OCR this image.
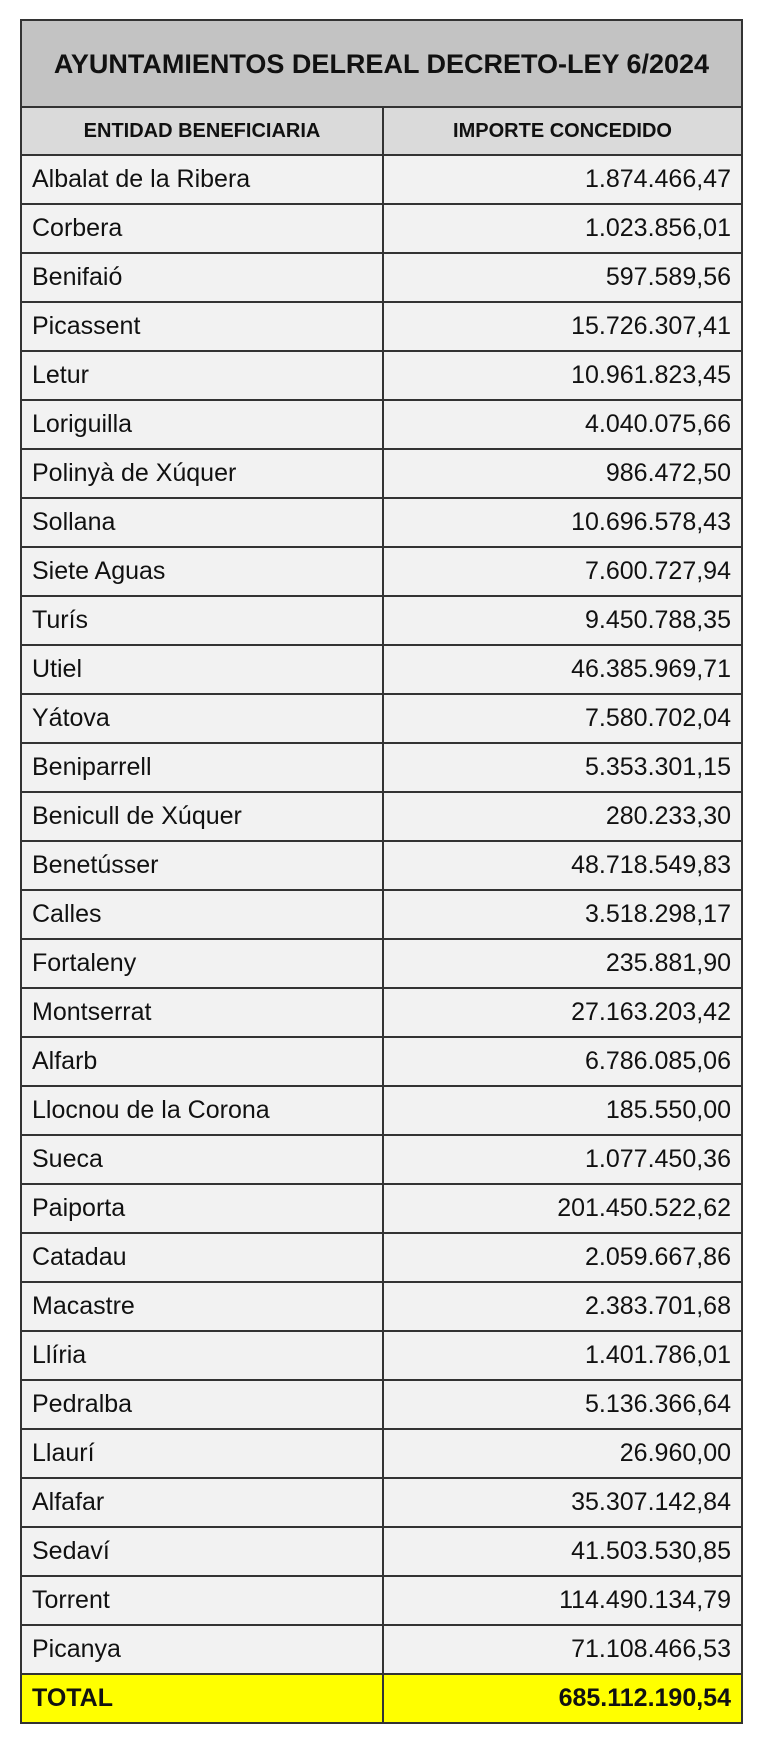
AYUNTAMIENTOS DELREAL DECRETO-LEY 6/2024	
ENTIDAD BENEFICIARIA	IMPORTE CONCEDIDO
Albalat de la Ribera	1.874.466,47
Corbera	1.023.856,01
Benifaió	597.589,56
Picassent	15.726.307,41
Letur	10.961.823,45
Loriguilla	4.040.075,66
Polinyà de Xúquer	986.472,50
Sollana	10.696.578,43
Siete Aguas	7.600.727,94
Turís	9.450.788,35
Utiel	46.385.969,71
Yátova	7.580.702,04
Beniparrell	5.353.301,15
Benicull de Xúquer	280.233,30
Benetússer	48.718.549,83
Calles	3.518.298,17
Fortaleny	235.881,90
Montserrat	27.163.203,42
Alfarb	6.786.085,06
Llocnou de la Corona	185.550,00
Sueca	1.077.450,36
Paiporta	201.450.522,62
Catadau	2.059.667,86
Macastre	2.383.701,68
Llíria	1.401.786,01
Pedralba	5.136.366,64
Llaurí	26.960,00
Alfafar	35.307.142,84
Sedaví	41.503.530,85
Torrent	114.490.134,79
Picanya	71.108.466,53
TOTAL	685.112.190,54
